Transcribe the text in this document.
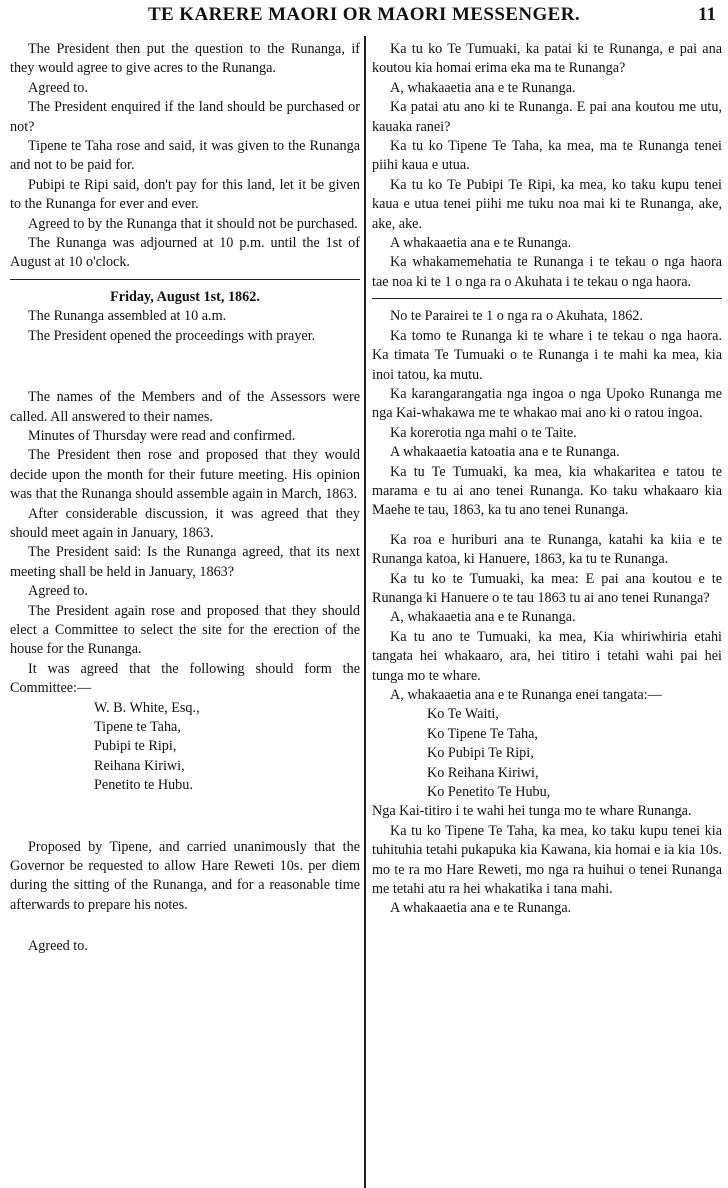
TE KARERE MAORI OR MAORI MESSENGER.	11

The President then put the question to the Runanga, if they would agree to give acres to the Runanga.

Agreed to.

The President enquired if the land should be purchased or not?

Tipene te Taha rose and said, it was given to the Runanga and not to be paid for.

Pubipi te Ripi said, don't pay for this land, let it be given to the Runanga for ever and ever.

Agreed to by the Runanga that it should not be purchased.

The Runanga was adjourned at 10 p.m. until the 1st of August at 10 o'clock.

Friday, August 1st, 1862.

The Runanga assembled at 10 a.m.

The President opened the proceedings with prayer.

The names of the Members and of the Assessors were called. All answered to their names.

Minutes of Thursday were read and confirmed.

The President then rose and proposed that they would decide upon the month for their future meeting. His opinion was that the Runanga should assemble again in March, 1863.

After considerable discussion, it was agreed that they should meet again in January, 1863.

The President said: Is the Runanga agreed, that its next meeting shall be held in January, 1863?

Agreed to.

The President again rose and proposed that they should elect a Committee to select the site for the erection of the house for the Runanga.

It was agreed that the following should form the Committee:—

W. B. White, Esq.,
Tipene te Taha,
Pubipi te Ripi,
Reihana Kiriwi,
Penetito te Hubu.

Proposed by Tipene, and carried unanimously that the Governor be requested to allow Hare Reweti 10s. per diem during the sitting of the Runanga, and for a reasonable time afterwards to prepare his notes.

Agreed to.

Ka tu ko Te Tumuaki, ka patai ki te Runanga, e pai ana koutou kia homai erima eka ma te Runanga?

A, whakaaetia ana e te Runanga.

Ka patai atu ano ki te Runanga. E pai ana koutou me utu, kauaka ranei?

Ka tu ko Tipene Te Taha, ka mea, ma te Runanga tenei piihi kaua e utua.

Ka tu ko Te Pubipi Te Ripi, ka mea, ko taku kupu tenei kaua e utua tenei piihi me tuku noa mai ki te Runanga, ake, ake, ake.

A whakaaetia ana e te Runanga.

Ka whakamemehatia te Runanga i te tekau o nga haora tae noa ki te 1 o nga ra o Akuhata i te tekau o nga haora.

No te Parairei te 1 o nga ra o Akuhata, 1862.

Ka tomo te Runanga ki te whare i te tekau o nga haora. Ka timata Te Tumuaki o te Runanga i te mahi ka mea, kia inoi tatou, ka mutu.

Ka karangarangatia nga ingoa o nga Upoko Runanga me nga Kai-whakawa me te whakao mai ano ki o ratou ingoa.

Ka korerotia nga mahi o te Taite.

A whakaaetia katoatia ana e te Runanga.

Ka tu Te Tumuaki, ka mea, kia whakaritea e tatou te marama e tu ai ano tenei Runanga. Ko taku whakaaro kia Maehe te tau, 1863, ka tu ano tenei Runanga.

Ka roa e huriburi ana te Runanga, katahi ka kiia e te Runanga katoa, ki Hanuere, 1863, ka tu te Runanga.

Ka tu ko te Tumuaki, ka mea: E pai ana koutou e te Runanga ki Hanuere o te tau 1863 tu ai ano tenei Runanga?

A, whakaaetia ana e te Runanga.

Ka tu ano te Tumuaki, ka mea, Kia whiriwhiria etahi tangata hei whakaaro, ara, hei titiro i tetahi wahi pai hei tunga mo te whare.

A, whakaaetia ana e te Runanga enei tangata:—

Ko Te Waiti,
Ko Tipene Te Taha,
Ko Pubipi Te Ripi,
Ko Reihana Kiriwi,
Ko Penetito Te Hubu,

Nga Kai-titiro i te wahi hei tunga mo te whare Runanga.

Ka tu ko Tipene Te Taha, ka mea, ko taku kupu tenei kia tuhituhia tetahi pukapuka kia Kawana, kia homai e ia kia 10s. mo te ra mo Hare Reweti, mo nga ra huihui o tenei Runanga me tetahi atu ra hei whakatika i tana mahi.

A whakaaetia ana e te Runanga.
